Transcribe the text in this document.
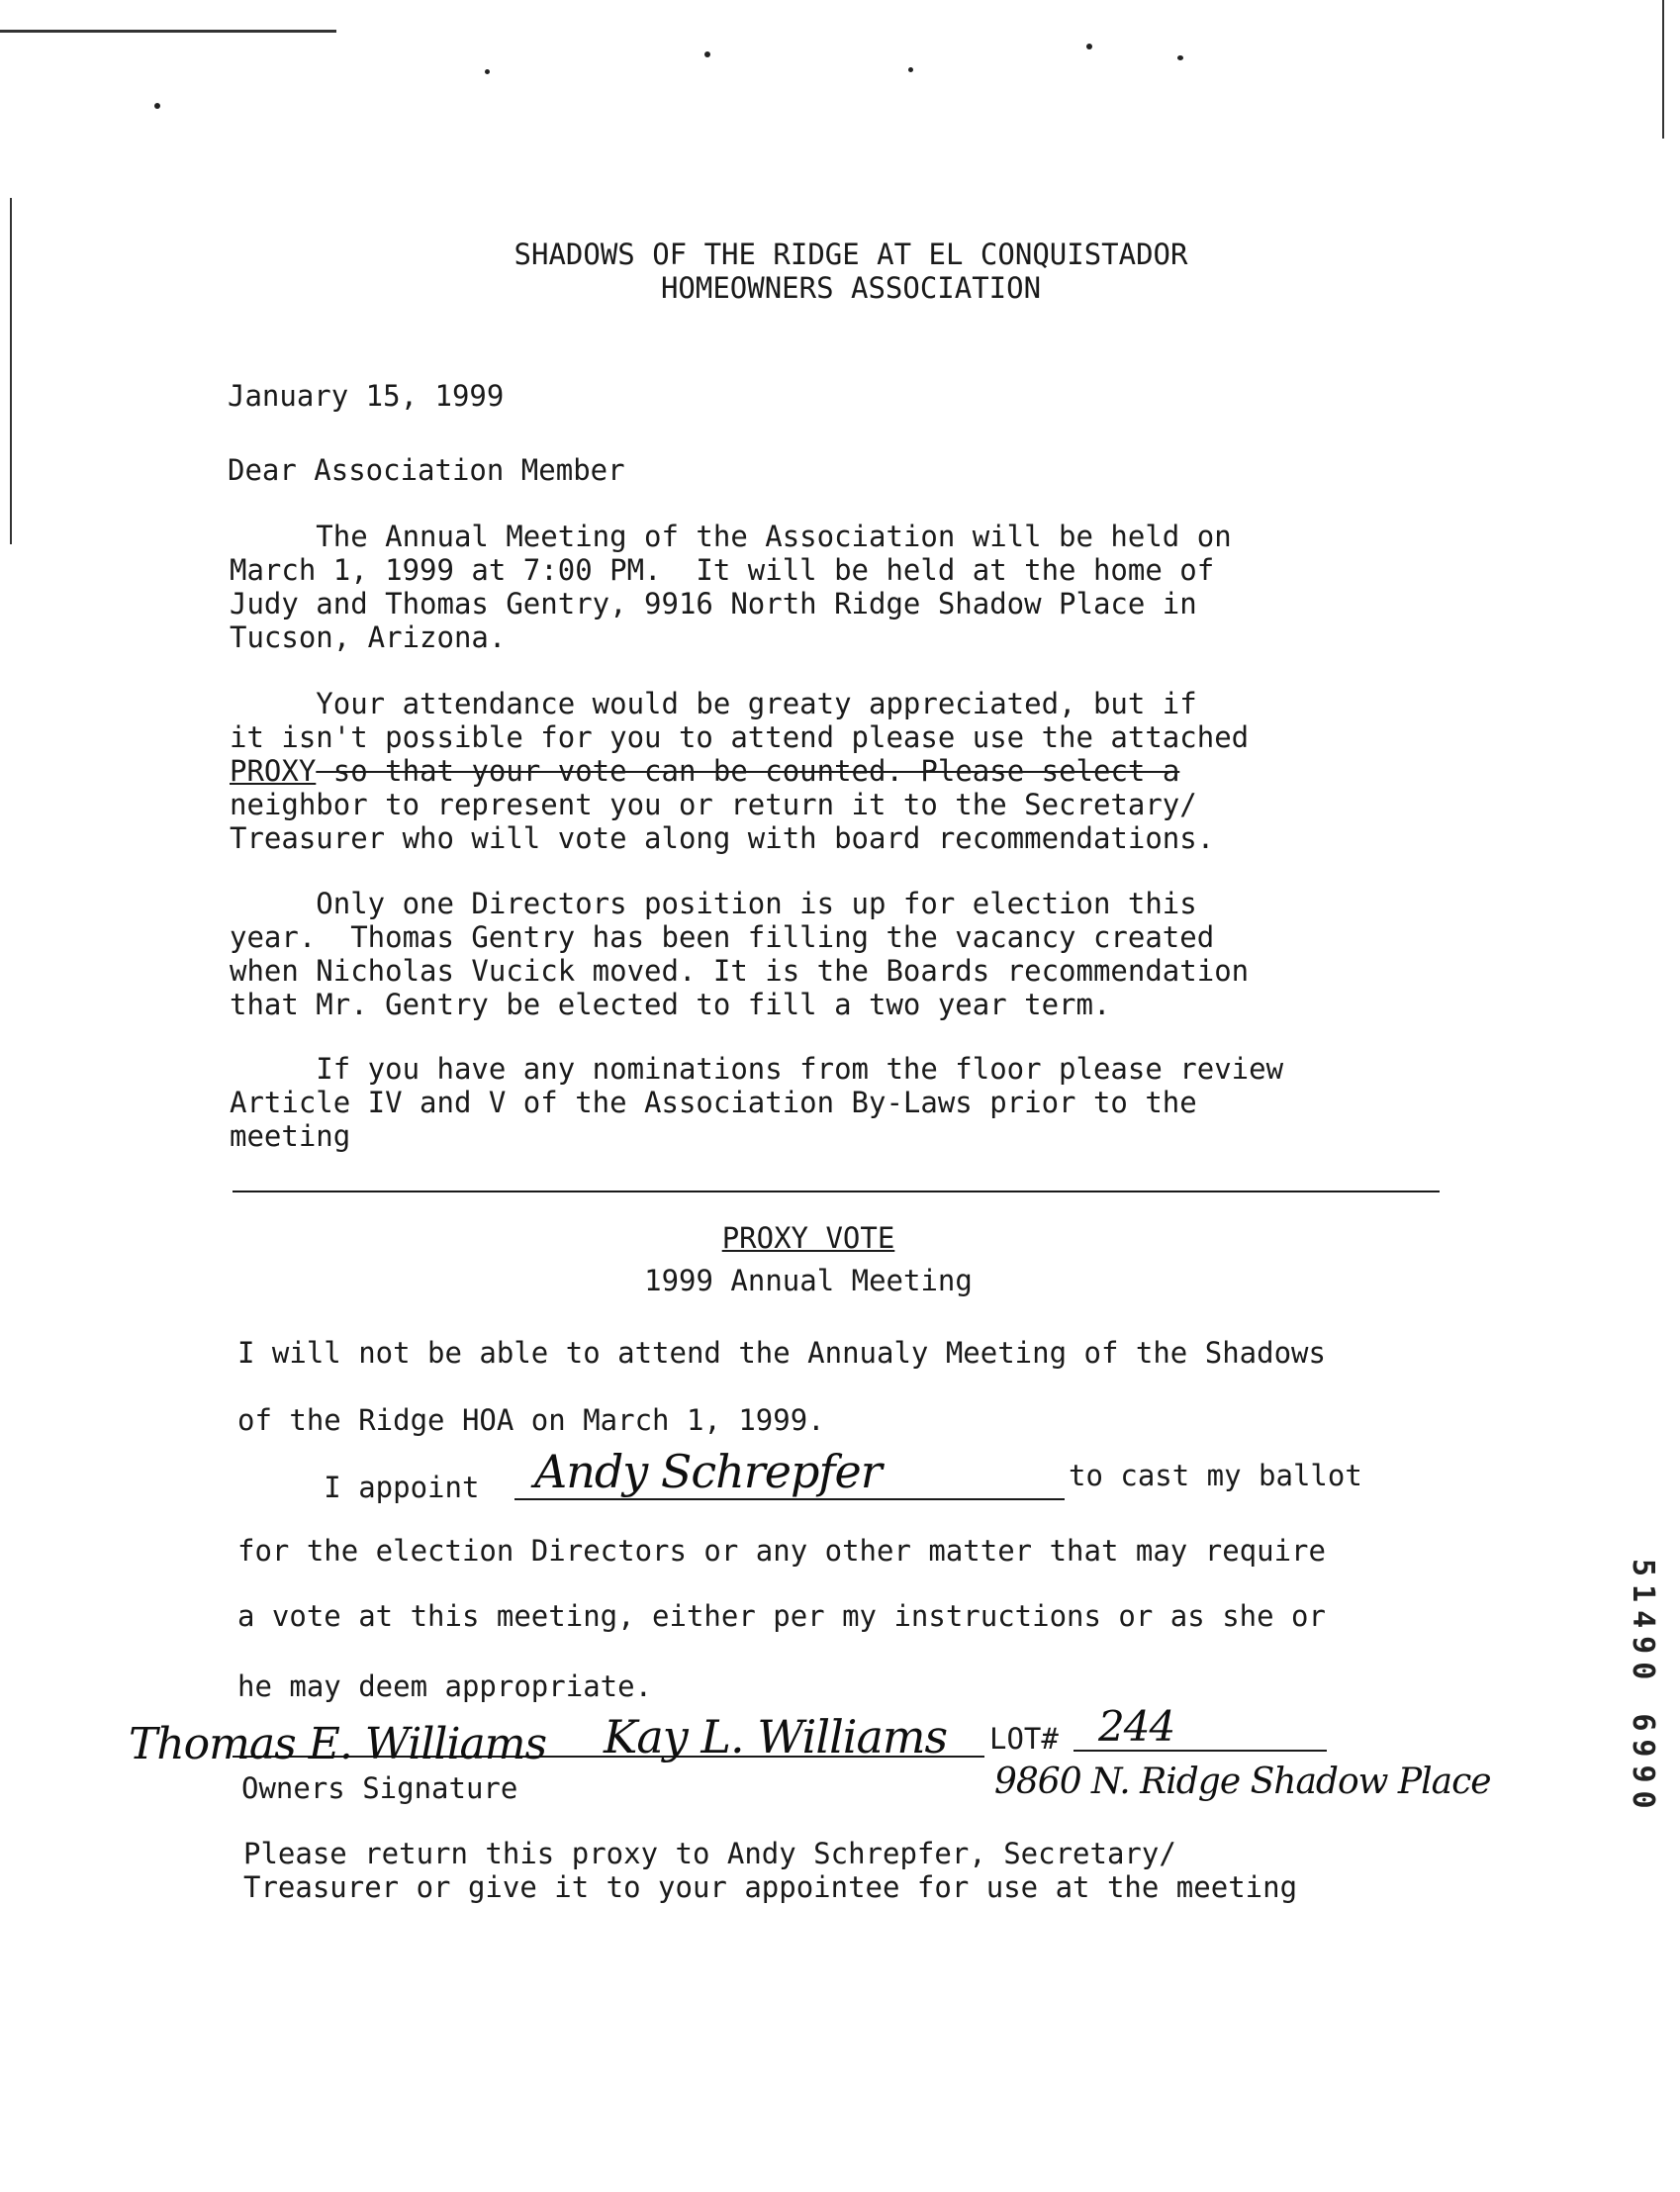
SHADOWS OF THE RIDGE AT EL CONQUISTADOR
HOMEOWNERS ASSOCIATION
January 15, 1999
Dear Association Member
The Annual Meeting of the Association will be held on
March 1, 1999 at 7:00 PM.  It will be held at the home of
Judy and Thomas Gentry, 9916 North Ridge Shadow Place in
Tucson, Arizona.
Your attendance would be greaty appreciated, but if
it isn't possible for you to attend please use the attached
PROXY so that your vote can be counted. Please select a
neighbor to represent you or return it to the Secretary/
Treasurer who will vote along with board recommendations.
Only one Directors position is up for election this
year.  Thomas Gentry has been filling the vacancy created
when Nicholas Vucick moved. It is the Boards recommendation
that Mr. Gentry be elected to fill a two year term.
If you have any nominations from the floor please review
Article IV and V of the Association By-Laws prior to the
meeting
PROXY VOTE
1999 Annual Meeting
I will not be able to attend the Annualy Meeting of the Shadows
of the Ridge HOA on March 1, 1999.
I appoint Andy Schrepfer	to cast my ballot
for the election Directors or any other matter that may require
a vote at this meeting, either per my instructions or as she or
he may deem appropriate.
Thomas E. Williams Kay L. Williams LOT# 244
Owners Signature	9860 N. Ridge Shadow Place
Please return this proxy to Andy Schrepfer, Secretary/
Treasurer or give it to your appointee for use at the meeting
51490 6990
